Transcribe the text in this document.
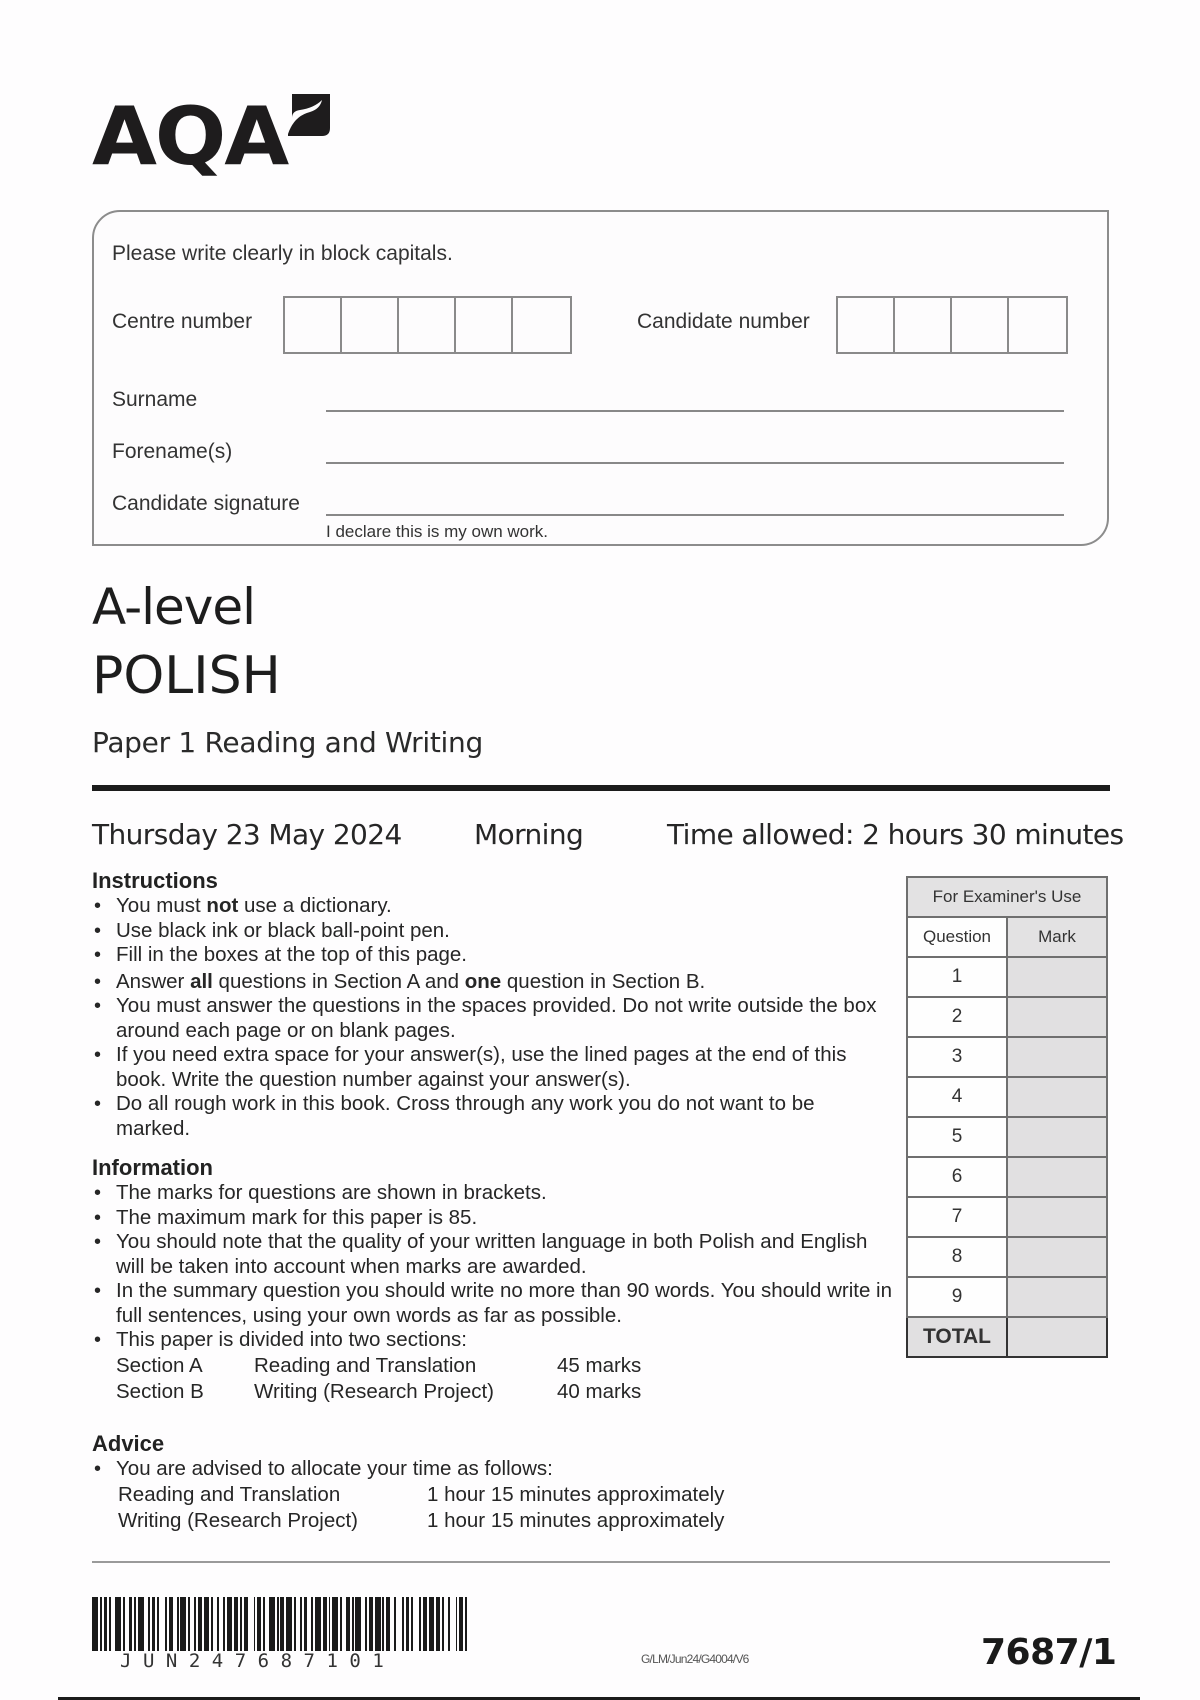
AQA
Please write clearly in block capitals.
Centre number	Candidate number
Surname
Forename(s)
Candidate signature
I declare this is my own work.
A-level
POLISH
Paper 1 Reading and Writing
Thursday 23 May 2024	Morning	Time allowed: 2 hours 30 minutes
Instructions
• You must not use a dictionary.
• Use black ink or black ball-point pen.
• Fill in the boxes at the top of this page.
• Answer all questions in Section A and one question in Section B.
• You must answer the questions in the spaces provided. Do not write outside the box around each page or on blank pages.
• If you need extra space for your answer(s), use the lined pages at the end of this book. Write the question number against your answer(s).
• Do all rough work in this book. Cross through any work you do not want to be marked.
Information
• The marks for questions are shown in brackets.
• The maximum mark for this paper is 85.
• You should note that the quality of your written language in both Polish and English will be taken into account when marks are awarded.
• In the summary question you should write no more than 90 words. You should write in full sentences, using your own words as far as possible.
• This paper is divided into two sections:
Section A	Reading and Translation	45 marks
Section B	Writing (Research Project)	40 marks
Advice
• You are advised to allocate your time as follows:
Reading and Translation	1 hour 15 minutes approximately
Writing (Research Project)	1 hour 15 minutes approximately
For Examiner's Use	
Question	Mark
1	
2	
3	
4	
5	
6	
7	
8	
9	
TOTAL	
JUN247687101	G/LM/Jun24/G4004/V6	7687/1
